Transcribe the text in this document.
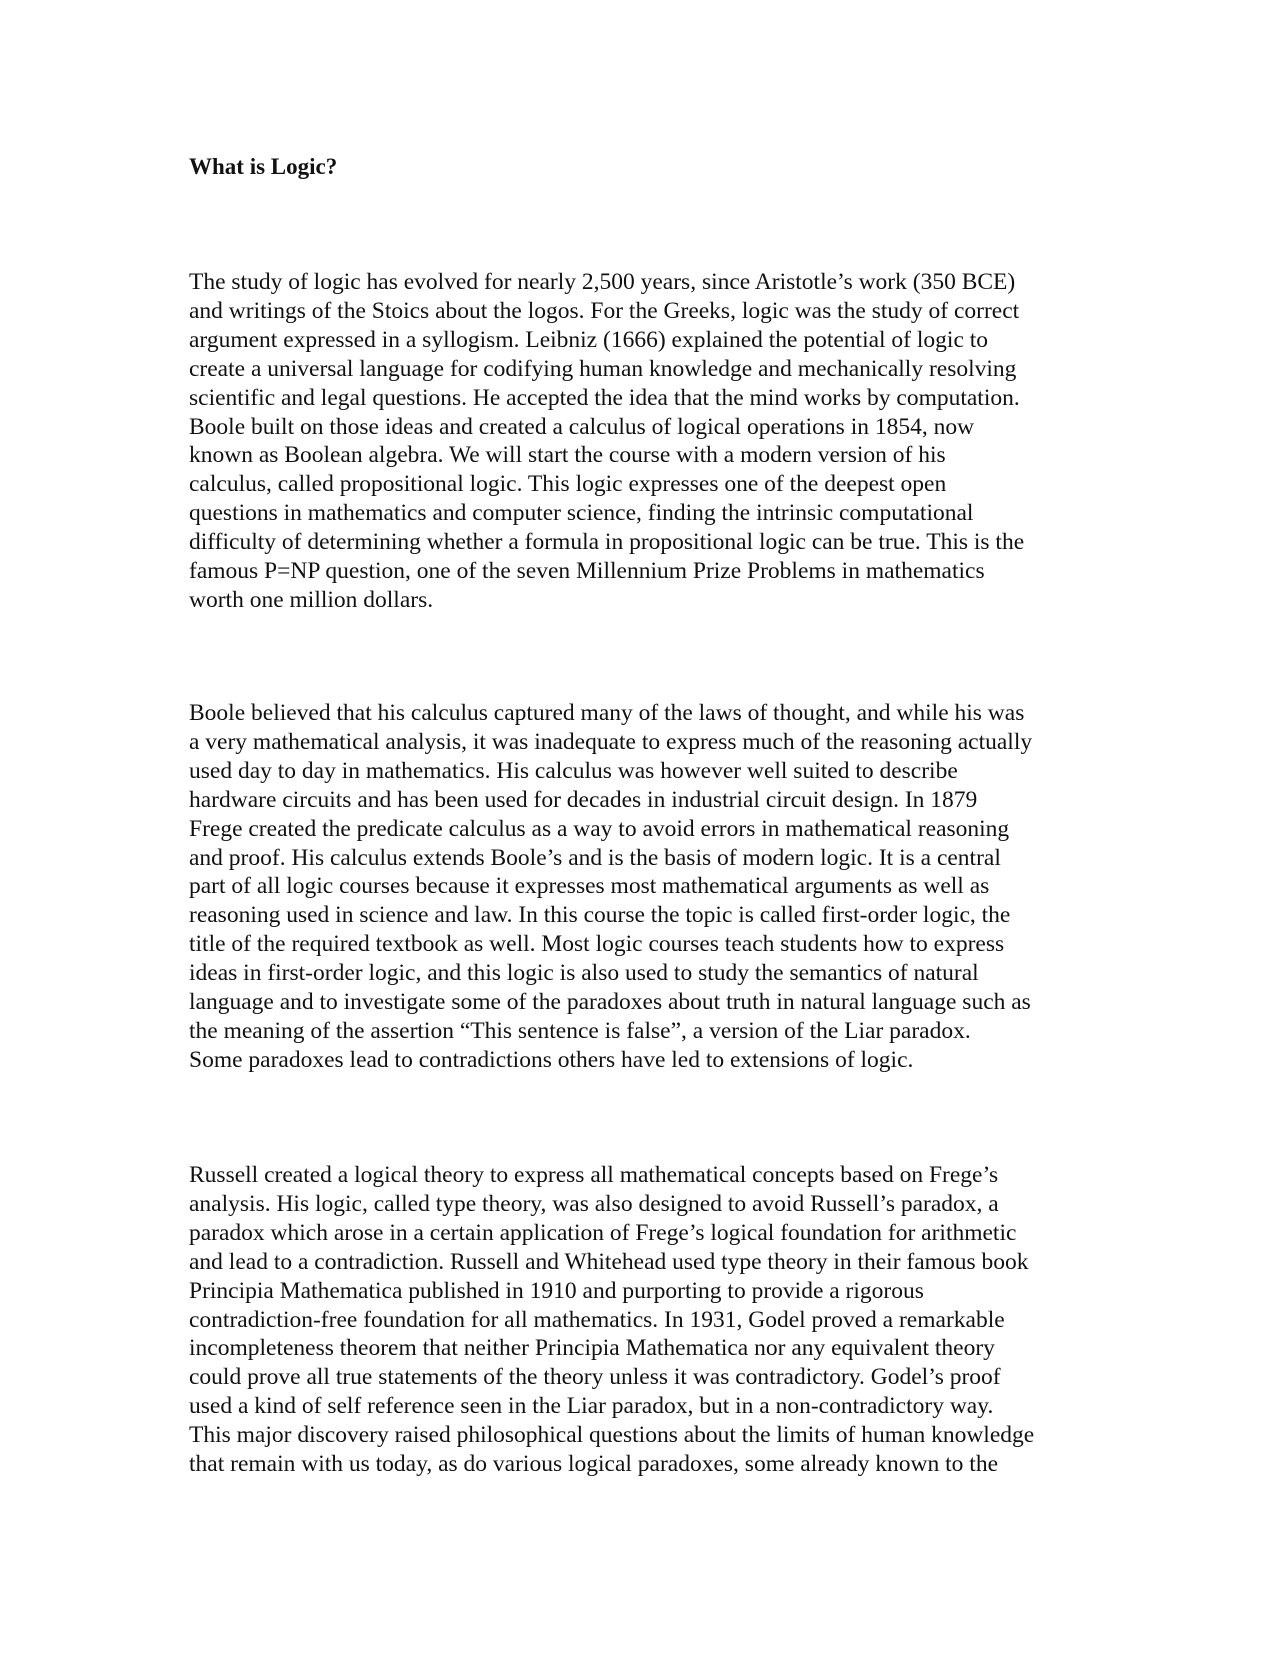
What is Logic?
The study of logic has evolved for nearly 2,500 years, since Aristotle’s work (350 BCE)
and writings of the Stoics about the logos. For the Greeks, logic was the study of correct
argument expressed in a syllogism. Leibniz (1666) explained the potential of logic to
create a universal language for codifying human knowledge and mechanically resolving
scientific and legal questions. He accepted the idea that the mind works by computation.
Boole built on those ideas and created a calculus of logical operations in 1854, now
known as Boolean algebra. We will start the course with a modern version of his
calculus, called propositional logic. This logic expresses one of the deepest open
questions in mathematics and computer science, finding the intrinsic computational
difficulty of determining whether a formula in propositional logic can be true. This is the
famous P=NP question, one of the seven Millennium Prize Problems in mathematics
worth one million dollars.
Boole believed that his calculus captured many of the laws of thought, and while his was
a very mathematical analysis, it was inadequate to express much of the reasoning actually
used day to day in mathematics. His calculus was however well suited to describe
hardware circuits and has been used for decades in industrial circuit design. In 1879
Frege created the predicate calculus as a way to avoid errors in mathematical reasoning
and proof. His calculus extends Boole’s and is the basis of modern logic. It is a central
part of all logic courses because it expresses most mathematical arguments as well as
reasoning used in science and law. In this course the topic is called first-order logic, the
title of the required textbook as well. Most logic courses teach students how to express
ideas in first-order logic, and this logic is also used to study the semantics of natural
language and to investigate some of the paradoxes about truth in natural language such as
the meaning of the assertion “This sentence is false”, a version of the Liar paradox.
Some paradoxes lead to contradictions others have led to extensions of logic.
Russell created a logical theory to express all mathematical concepts based on Frege’s
analysis. His logic, called type theory, was also designed to avoid Russell’s paradox, a
paradox which arose in a certain application of Frege’s logical foundation for arithmetic
and lead to a contradiction. Russell and Whitehead used type theory in their famous book
Principia Mathematica published in 1910 and purporting to provide a rigorous
contradiction-free foundation for all mathematics. In 1931, Godel proved a remarkable
incompleteness theorem that neither Principia Mathematica nor any equivalent theory
could prove all true statements of the theory unless it was contradictory. Godel’s proof
used a kind of self reference seen in the Liar paradox, but in a non-contradictory way.
This major discovery raised philosophical questions about the limits of human knowledge
that remain with us today, as do various logical paradoxes, some already known to the
